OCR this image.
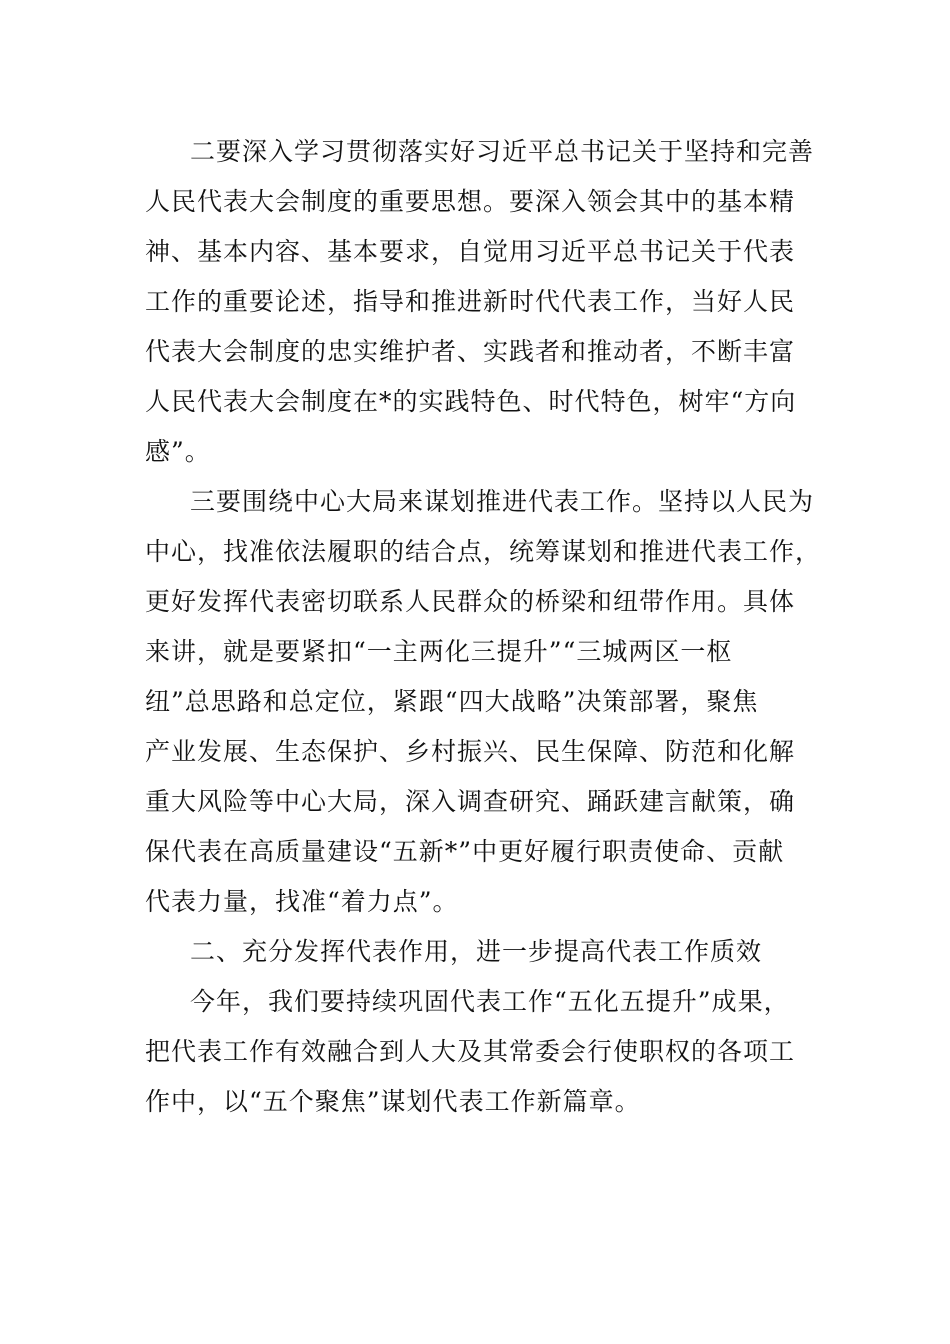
二要深入学习贯彻落实好习近平总书记关于坚持和完善
人民代表大会制度的重要思想。要深入领会其中的基本精
神、基本内容、基本要求，自觉用习近平总书记关于代表
工作的重要论述，指导和推进新时代代表工作，当好人民
代表大会制度的忠实维护者、实践者和推动者，不断丰富
人民代表大会制度在*的实践特色、时代特色，树牢“方向
感”。
三要围绕中心大局来谋划推进代表工作。坚持以人民为
中心，找准依法履职的结合点，统筹谋划和推进代表工作，
更好发挥代表密切联系人民群众的桥梁和纽带作用。具体
来讲，就是要紧扣“一主两化三提升”“三城两区一枢
纽”总思路和总定位，紧跟“四大战略”决策部署，聚焦
产业发展、生态保护、乡村振兴、民生保障、防范和化解
重大风险等中心大局，深入调查研究、踊跃建言献策，确
保代表在高质量建设“五新*”中更好履行职责使命、贡献
代表力量，找准“着力点”。
二、充分发挥代表作用，进一步提高代表工作质效
今年，我们要持续巩固代表工作“五化五提升”成果，
把代表工作有效融合到人大及其常委会行使职权的各项工
作中，以“五个聚焦”谋划代表工作新篇章。
